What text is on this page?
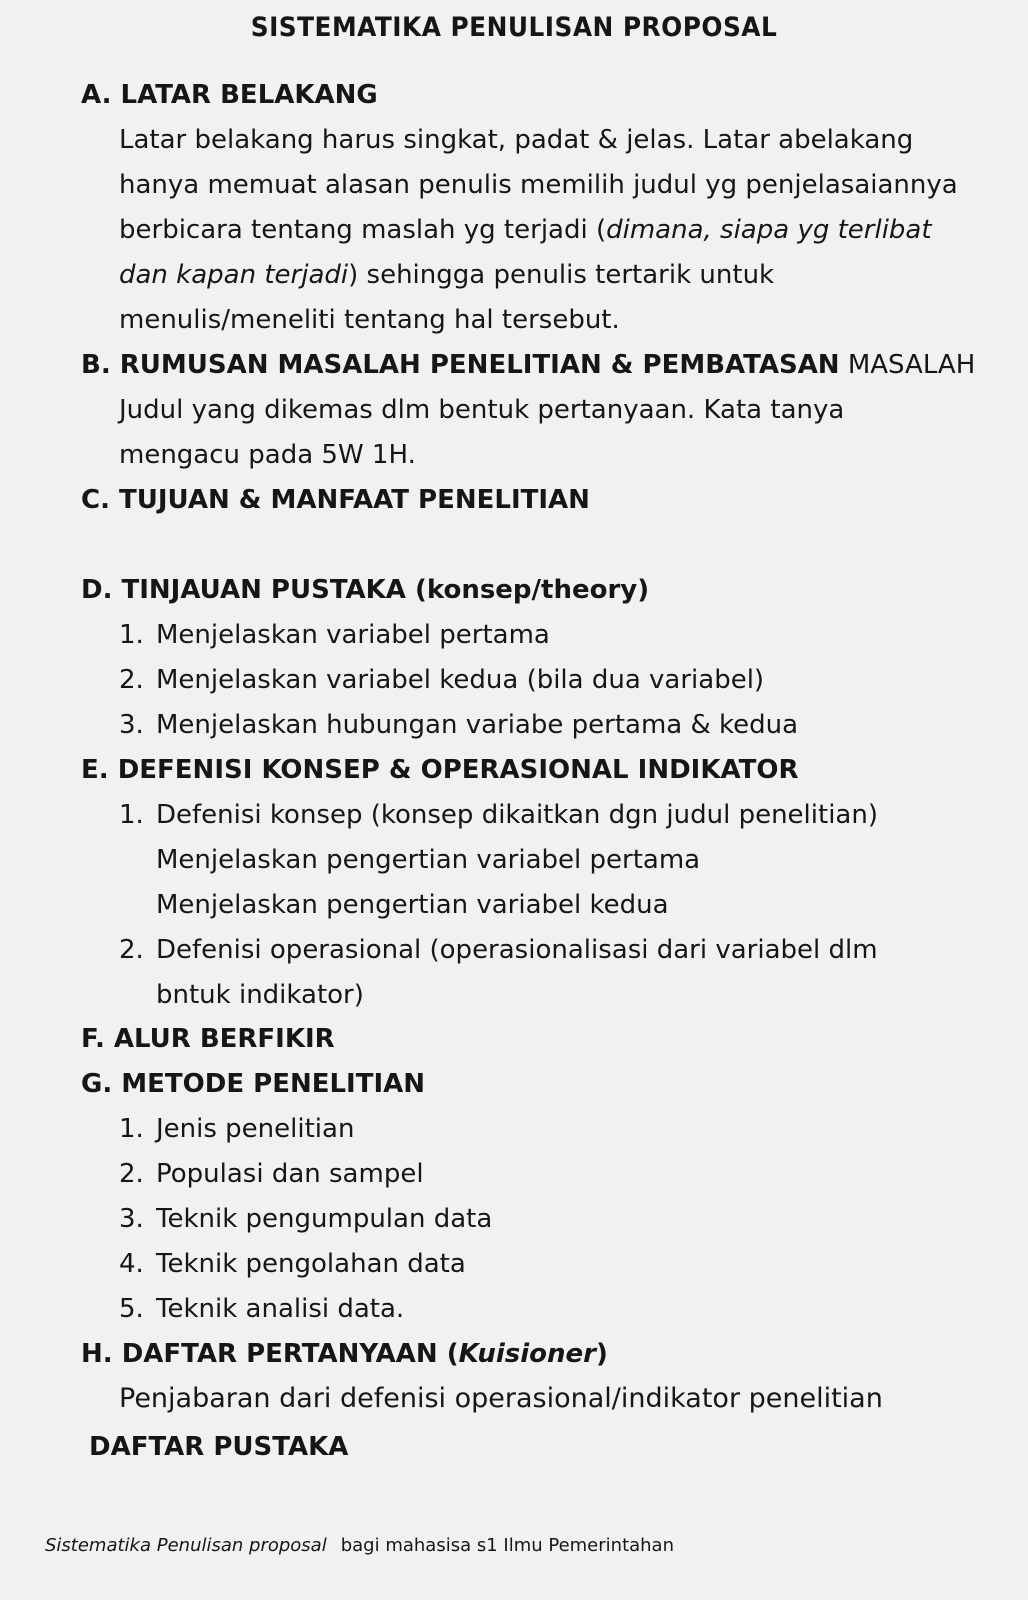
SISTEMATIKA PENULISAN PROPOSAL
A. LATAR BELAKANG
Latar belakang harus singkat, padat & jelas. Latar abelakang
hanya memuat alasan penulis memilih judul yg penjelasaiannya
berbicara tentang maslah yg terjadi (dimana, siapa yg terlibat
dan kapan terjadi) sehingga penulis tertarik untuk
menulis/meneliti tentang hal tersebut.
B. RUMUSAN MASALAH PENELITIAN & PEMBATASAN MASALAH
Judul yang dikemas dlm bentuk pertanyaan. Kata tanya
mengacu pada 5W 1H.
C. TUJUAN & MANFAAT PENELITIAN
D. TINJAUAN PUSTAKA (konsep/theory)
1. Menjelaskan variabel pertama
2. Menjelaskan variabel kedua (bila dua variabel)
3. Menjelaskan hubungan variabe pertama & kedua
E. DEFENISI KONSEP & OPERASIONAL INDIKATOR
1. Defenisi konsep (konsep dikaitkan dgn judul penelitian)
Menjelaskan pengertian variabel pertama
Menjelaskan pengertian variabel kedua
2. Defenisi operasional (operasionalisasi dari variabel dlm
bntuk indikator)
F. ALUR BERFIKIR
G. METODE PENELITIAN
1. Jenis penelitian
2. Populasi dan sampel
3. Teknik pengumpulan data
4. Teknik pengolahan data
5. Teknik analisi data.
H. DAFTAR PERTANYAAN (Kuisioner)
Penjabaran dari defenisi operasional/indikator penelitian
DAFTAR PUSTAKA
Sistematika Penulisan proposal bagi mahasisa s1 Ilmu Pemerintahan
